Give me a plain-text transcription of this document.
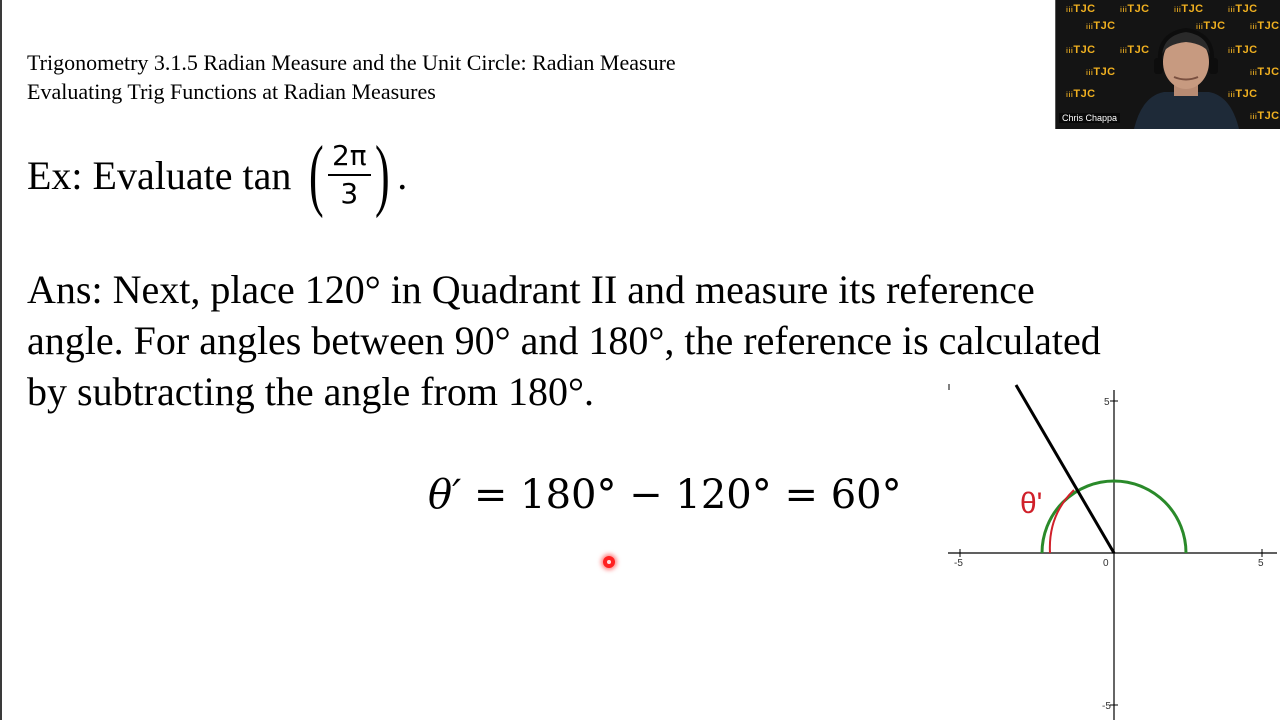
Trigonometry 3.1.5 Radian Measure and the Unit Circle: Radian Measure
Evaluating Trig Functions at Radian Measures
Ex: Evaluate tan ( $\frac{2\pi}{3}$ ) .
Ans: Next, place 120° in Quadrant II and measure its reference
angle. For angles between 90° and 180°, the reference is calculated
by subtracting the angle from 180°.
θ′ = 180° − 120° = 60°
-5	5
0
5
-5
θ'
iiiTJC	iiiTJC	iiiTJC	iiiTJC
iiiTJC	iiiTJC	iiiTJC
iiiTJC	iiiTJC	iiiTJC
iiiTJC	iiiTJC
iiiTJC	iiiTJC
iiiTJC
Chris Chappa
